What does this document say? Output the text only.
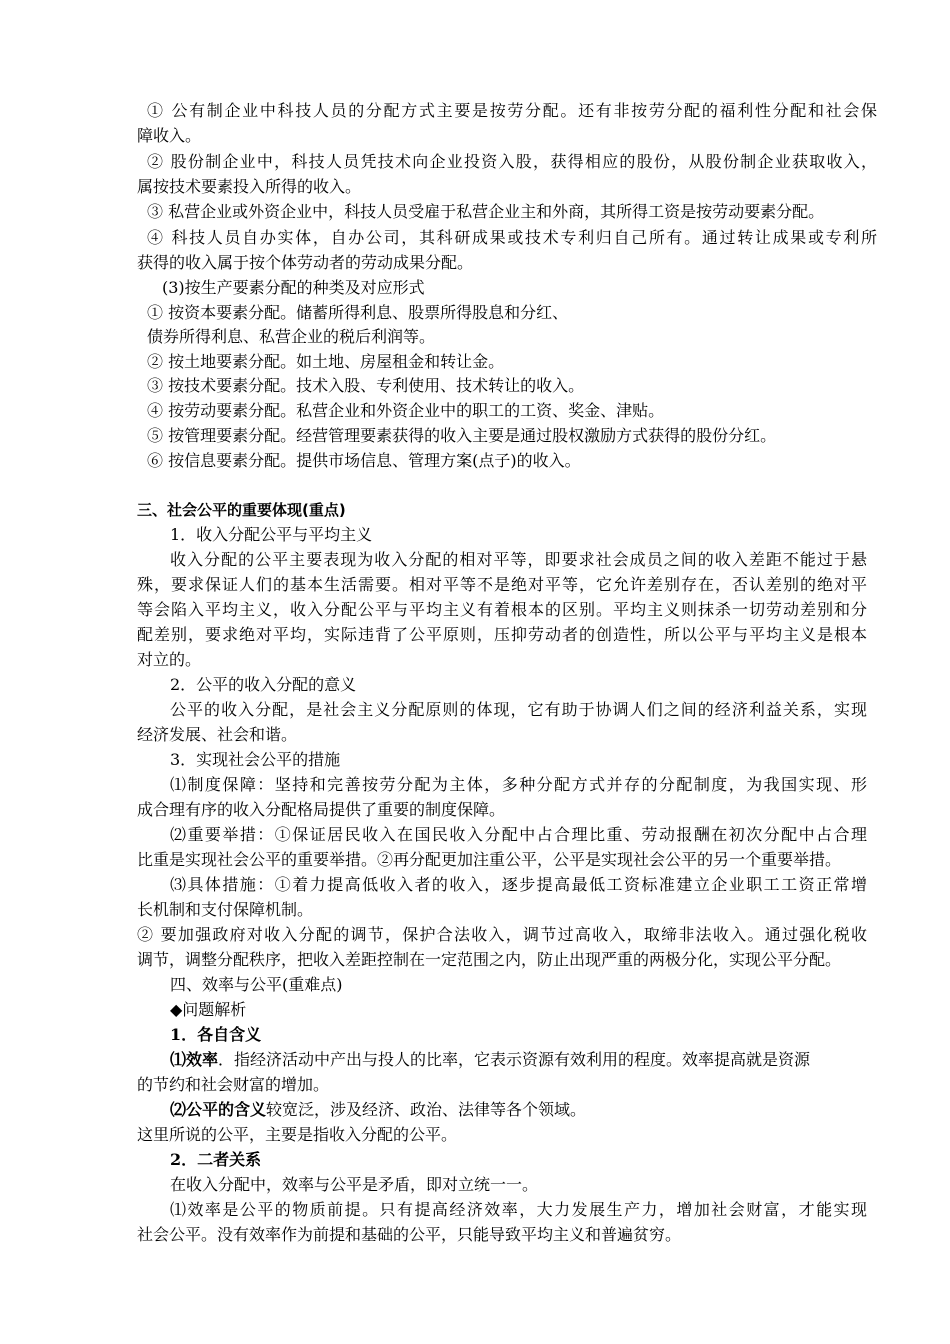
① 公有制企业中科技人员的分配方式主要是按劳分配。还有非按劳分配的福利性分配和社会保
障收入。
② 股份制企业中，科技人员凭技术向企业投资入股，获得相应的股份，从股份制企业获取收入，
属按技术要素投入所得的收入。
③ 私营企业或外资企业中，科技人员受雇于私营企业主和外商，其所得工资是按劳动要素分配。
④ 科技人员自办实体，自办公司，其科研成果或技术专利归自己所有。通过转让成果或专利所
获得的收入属于按个体劳动者的劳动成果分配。
(3)按生产要素分配的种类及对应形式
① 按资本要素分配。储蓄所得利息、股票所得股息和分红、
债券所得利息、私营企业的税后利润等。
② 按土地要素分配。如土地、房屋租金和转让金。
③ 按技术要素分配。技术入股、专利使用、技术转让的收入。
④ 按劳动要素分配。私营企业和外资企业中的职工的工资、奖金、津贴。
⑤ 按管理要素分配。经营管理要素获得的收入主要是通过股权激励方式获得的股份分红。
⑥ 按信息要素分配。提供市场信息、管理方案(点子)的收入。
三、社会公平的重要体现(重点)
1．收入分配公平与平均主义
收入分配的公平主要表现为收入分配的相对平等，即要求社会成员之间的收入差距不能过于悬
殊，要求保证人们的基本生活需要。相对平等不是绝对平等，它允许差别存在，否认差别的绝对平
等会陷入平均主义，收入分配公平与平均主义有着根本的区别。平均主义则抹杀一切劳动差别和分
配差别，要求绝对平均，实际违背了公平原则，压抑劳动者的创造性，所以公平与平均主义是根本
对立的。
2．公平的收入分配的意义
公平的收入分配，是社会主义分配原则的体现，它有助于协调人们之间的经济利益关系，实现
经济发展、社会和谐。
3．实现社会公平的措施
⑴制度保障：坚持和完善按劳分配为主体，多种分配方式并存的分配制度，为我国实现、形
成合理有序的收入分配格局提供了重要的制度保障。
⑵重要举措：①保证居民收入在国民收入分配中占合理比重、劳动报酬在初次分配中占合理
比重是实现社会公平的重要举措。②再分配更加注重公平，公平是实现社会公平的另一个重要举措。
⑶具体措施：①着力提高低收入者的收入，逐步提高最低工资标准建立企业职工工资正常增
长机制和支付保障机制。
② 要加强政府对收入分配的调节，保护合法收入，调节过高收入，取缔非法收入。通过强化税收
调节，调整分配秩序，把收入差距控制在一定范围之内，防止出现严重的两极分化，实现公平分配。
四、效率与公平(重难点)
◆问题解析
1．各自含义
⑴效率．指经济活动中产出与投人的比率，它表示资源有效利用的程度。效率提高就是资源
的节约和社会财富的增加。
⑵公平的含义较宽泛，涉及经济、政治、法律等各个领域。
这里所说的公平，主要是指收入分配的公平。
2．二者关系
在收入分配中，效率与公平是矛盾，即对立统一一。
⑴效率是公平的物质前提。只有提高经济效率，大力发展生产力，增加社会财富，才能实现
社会公平。没有效率作为前提和基础的公平，只能导致平均主义和普遍贫穷。
